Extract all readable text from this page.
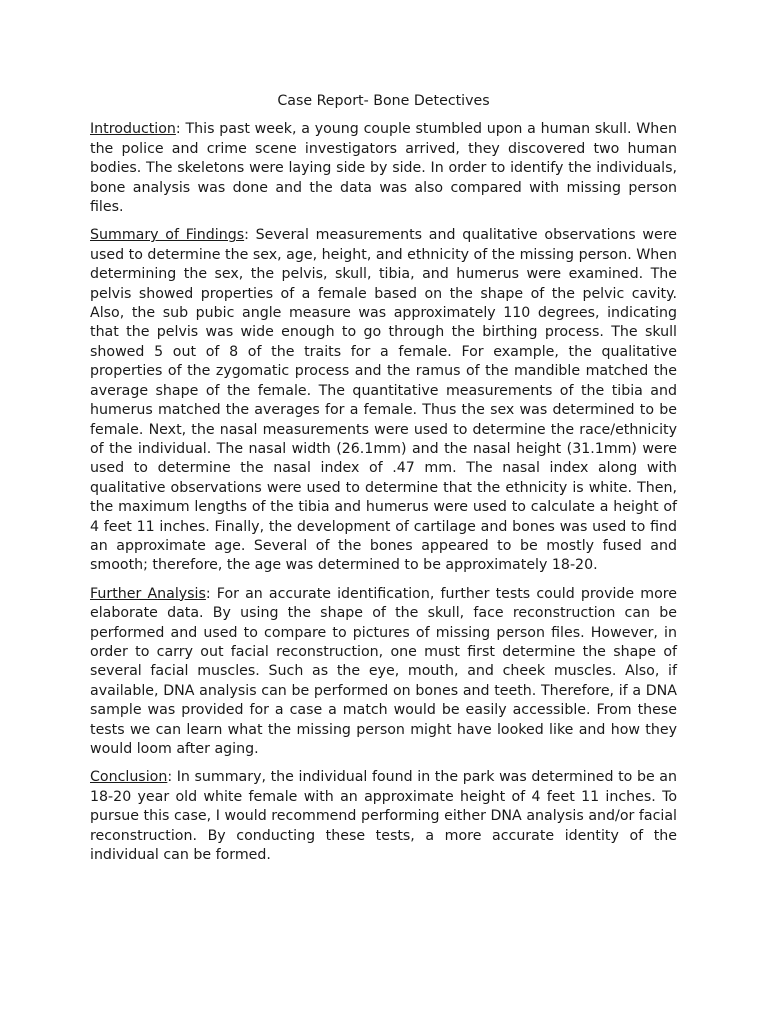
Case Report- Bone Detectives

Introduction: This past week, a young couple stumbled upon a human skull. When the police and crime scene investigators arrived, they discovered two human bodies. The skeletons were laying side by side. In order to identify the individuals, bone analysis was done and the data was also compared with missing person files.

Summary of Findings: Several measurements and qualitative observations were used to determine the sex, age, height, and ethnicity of the missing person. When determining the sex, the pelvis, skull, tibia, and humerus were examined. The pelvis showed properties of a female based on the shape of the pelvic cavity. Also, the sub pubic angle measure was approximately 110 degrees, indicating that the pelvis was wide enough to go through the birthing process. The skull showed 5 out of 8 of the traits for a female. For example, the qualitative properties of the zygomatic process and the ramus of the mandible matched the average shape of the female. The quantitative measurements of the tibia and humerus matched the averages for a female. Thus the sex was determined to be female. Next, the nasal measurements were used to determine the race/ethnicity of the individual. The nasal width (26.1mm) and the nasal height (31.1mm) were used to determine the nasal index of .47 mm. The nasal index along with qualitative observations were used to determine that the ethnicity is white. Then, the maximum lengths of the tibia and humerus were used to calculate a height of 4 feet 11 inches. Finally, the development of cartilage and bones was used to find an approximate age. Several of the bones appeared to be mostly fused and smooth; therefore, the age was determined to be approximately 18-20.

Further Analysis: For an accurate identification, further tests could provide more elaborate data. By using the shape of the skull, face reconstruction can be performed and used to compare to pictures of missing person files. However, in order to carry out facial reconstruction, one must first determine the shape of several facial muscles. Such as the eye, mouth, and cheek muscles. Also, if available, DNA analysis can be performed on bones and teeth. Therefore, if a DNA sample was provided for a case a match would be easily accessible. From these tests we can learn what the missing person might have looked like and how they would loom after aging.

Conclusion: In summary, the individual found in the park was determined to be an 18-20 year old white female with an approximate height of 4 feet 11 inches. To pursue this case, I would recommend performing either DNA analysis and/or facial reconstruction. By conducting these tests, a more accurate identity of the individual can be formed.
